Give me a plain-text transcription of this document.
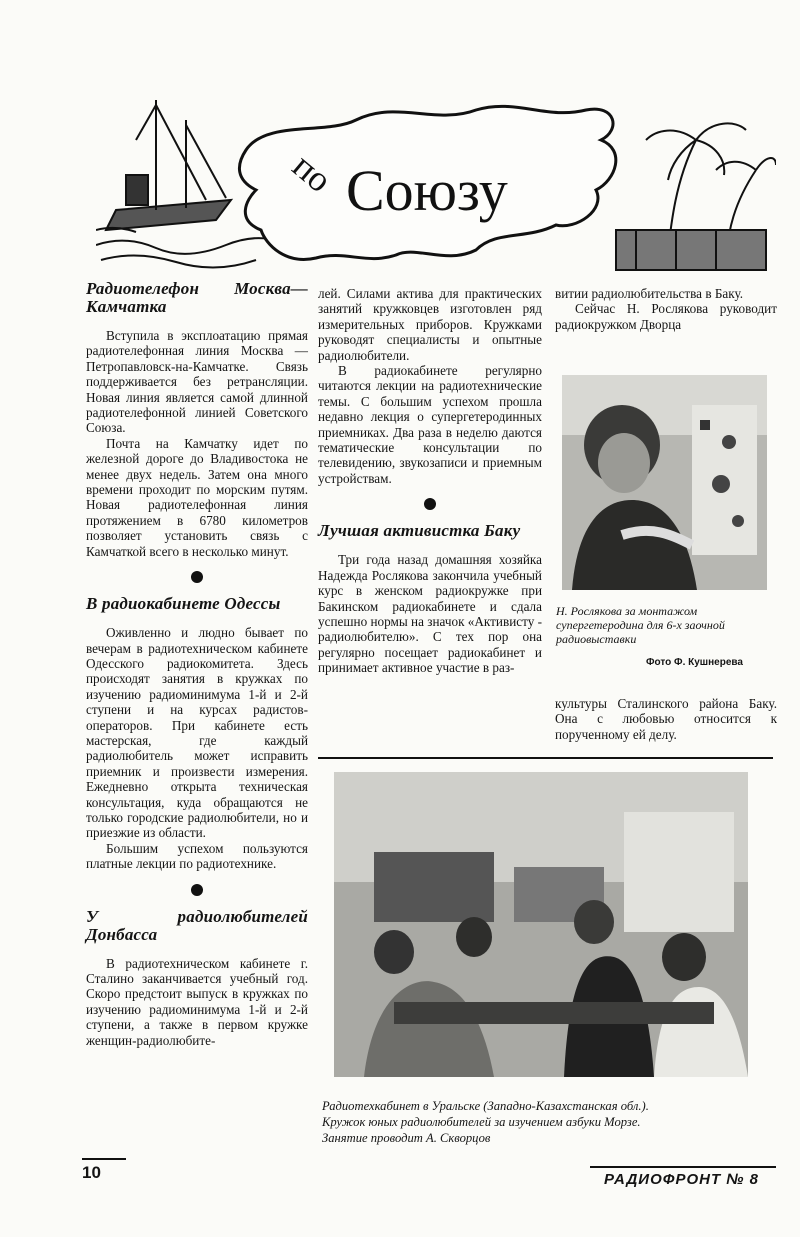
по Союзу
Радиотелефон Москва—Камчатка

Вступила в эксплоатацию прямая радиотелефонная линия Москва — Петропавловск-на-Камчатке. Связь поддерживается без ретрансляции. Новая линия является самой длинной радиотелефонной линией Советского Союза.

Почта на Камчатку идет по железной дороге до Владивостока не менее двух недель. Затем она много времени проходит по морским путям. Новая радиотелефонная линия протяжением в 6780 километров позволяет установить связь с Камчаткой всего в несколько минут.

В радиокабинете Одессы

Оживленно и людно бывает по вечерам в радиотехническом кабинете Одесского радиокомитета. Здесь происходят занятия в кружках по изучению радиоминимума 1-й и 2-й ступени и на курсах радистов-операторов. При кабинете есть мастерская, где каждый радиолюбитель может исправить приемник и произвести измерения. Ежедневно открыта техническая консультация, куда обращаются не только городские радиолюбители, но и приезжие из области.

Большим успехом пользуются платные лекции по радиотехнике.

У радиолюбителей Донбасса

В радиотехническом кабинете г. Сталино заканчивается учебный год. Скоро предстоит выпуск в кружках по изучению радиоминимума 1-й и 2-й ступени, а также в первом кружке женщин-радиолюбите-

лей. Силами актива для практических занятий кружковцев изготовлен ряд измерительных приборов. Кружками руководят специалисты и опытные радиолюбители.

В радиокабинете регулярно читаются лекции на радиотехнические темы. С большим успехом прошла недавно лекция о супергетеродинных приемниках. Два раза в неделю даются тематические консультации по телевидению, звукозаписи и приемным устройствам.

Лучшая активистка Баку

Три года назад домашняя хозяйка Надежда Рослякова закончила учебный курс в женском радиокружке при Бакинском радиокабинете и сдала успешно нормы на значок «Активисту - радиолюбителю». С тех пор она регулярно посещает радиокабинет и принимает активное участие в раз-

витии радиолюбительства в Баку.

Сейчас Н. Рослякова руководит радиокружком Дворца

Н. Рослякова за монтажом супергетеродина для 6-х заочной радиовыставки
Фото Ф. Кушнерева

культуры Сталинского района Баку. Она с любовью относится к порученному ей делу.

Радиотехкабинет в Уральске (Западно-Казахстанская обл.).
Кружок юных радиолюбителей за изучением азбуки Морзе.
Занятие проводит А. Скворцов
10	РАДИОФРОНТ № 8
